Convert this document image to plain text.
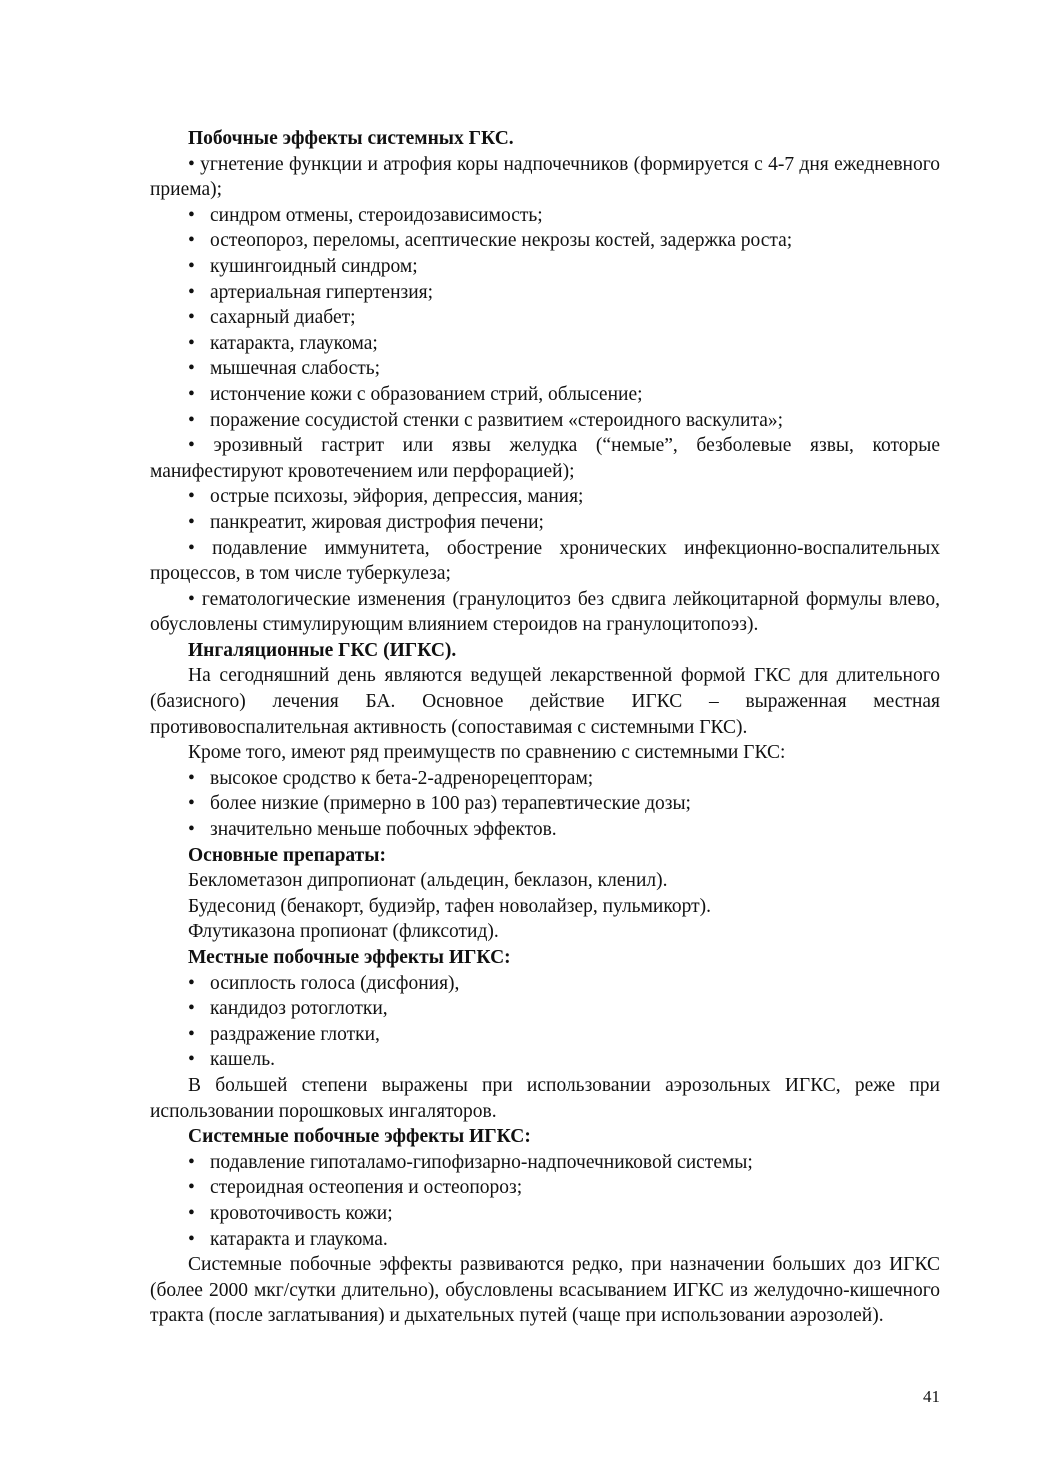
Побочные эффекты системных ГКС.

• угнетение функции и атрофия коры надпочечников (формируется с 4-7 дня ежедневного приема);

• синдром отмены, стероидозависимость;

• остеопороз, переломы, асептические некрозы костей, задержка роста;

• кушингоидный синдром;

• артериальная гипертензия;

• сахарный диабет;

• катаракта, глаукома;

• мышечная слабость;

• истончение кожи с образованием стрий, облысение;

• поражение сосудистой стенки с развитием «стероидного васкулита»;

• эрозивный гастрит или язвы желудка (“немые”, безболевые язвы, которые манифестируют кровотечением или перфорацией);

• острые психозы, эйфория, депрессия, мания;

• панкреатит, жировая дистрофия печени;

• подавление иммунитета, обострение хронических инфекционно-воспалительных процессов, в том числе туберкулеза;

• гематологические изменения (гранулоцитоз без сдвига лейкоцитарной формулы влево, обусловлены стимулирующим влиянием стероидов на гранулоцитопоэз).

Ингаляционные ГКС (ИГКС).

На сегодняшний день являются ведущей лекарственной формой ГКС для длительного (базисного) лечения БА. Основное действие ИГКС – выраженная местная противовоспалительная активность (сопоставимая с системными ГКС).

Кроме того, имеют ряд преимуществ по сравнению с системными ГКС:

• высокое сродство к бета-2-адренорецепторам;

• более низкие (примерно в 100 раз) терапевтические дозы;

• значительно меньше побочных эффектов.

Основные препараты:

Беклометазон дипропионат (альдецин, беклазон, кленил).

Будесонид (бенакорт, будиэйр, тафен новолайзер, пульмикорт).

Флутиказона пропионат (фликсотид).

Местные побочные эффекты ИГКС:

• осиплость голоса (дисфония),

• кандидоз ротоглотки,

• раздражение глотки,

• кашель.

В большей степени выражены при использовании аэрозольных ИГКС, реже при использовании порошковых ингаляторов.

Системные побочные эффекты ИГКС:

• подавление гипоталамо-гипофизарно-надпочечниковой системы;

• стероидная остеопения и остеопороз;

• кровоточивость кожи;

• катаракта и глаукома.

Системные побочные эффекты развиваются редко, при назначении больших доз ИГКС (более 2000 мкг/сутки длительно), обусловлены всасыванием ИГКС из желудочно-кишечного тракта (после заглатывания) и дыхательных путей (чаще при использовании аэрозолей).

41
